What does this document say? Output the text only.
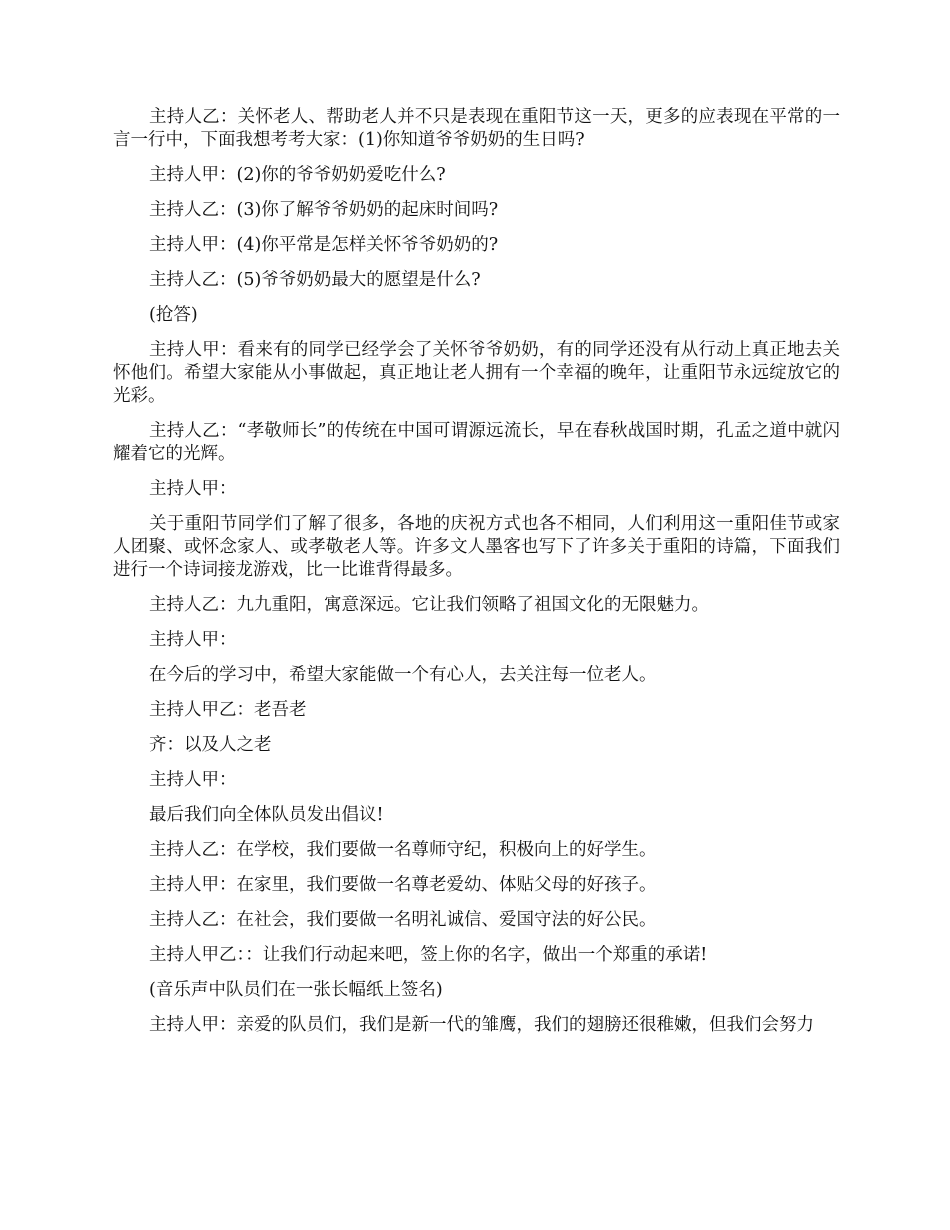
主持人乙：关怀老人、帮助老人并不只是表现在重阳节这一天，更多的应表现在平常的一言一行中，下面我想考考大家：(1)你知道爷爷奶奶的生日吗?

主持人甲：(2)你的爷爷奶奶爱吃什么?

主持人乙：(3)你了解爷爷奶奶的起床时间吗?

主持人甲：(4)你平常是怎样关怀爷爷奶奶的?

主持人乙：(5)爷爷奶奶最大的愿望是什么?

(抢答)

主持人甲：看来有的同学已经学会了关怀爷爷奶奶，有的同学还没有从行动上真正地去关怀他们。希望大家能从小事做起，真正地让老人拥有一个幸福的晚年，让重阳节永远绽放它的光彩。

主持人乙：“孝敬师长”的传统在中国可谓源远流长，早在春秋战国时期，孔孟之道中就闪耀着它的光辉。

主持人甲：

关于重阳节同学们了解了很多，各地的庆祝方式也各不相同，人们利用这一重阳佳节或家人团聚、或怀念家人、或孝敬老人等。许多文人墨客也写下了许多关于重阳的诗篇，下面我们进行一个诗词接龙游戏，比一比谁背得最多。

主持人乙：九九重阳，寓意深远。它让我们领略了祖国文化的无限魅力。

主持人甲：

在今后的学习中，希望大家能做一个有心人，去关注每一位老人。

主持人甲乙：老吾老

齐：以及人之老

主持人甲：

最后我们向全体队员发出倡议!

主持人乙：在学校，我们要做一名尊师守纪，积极向上的好学生。

主持人甲：在家里，我们要做一名尊老爱幼、体贴父母的好孩子。

主持人乙：在社会，我们要做一名明礼诚信、爱国守法的好公民。

主持人甲乙：：让我们行动起来吧，签上你的名字，做出一个郑重的承诺!

(音乐声中队员们在一张长幅纸上签名)

主持人甲：亲爱的队员们，我们是新一代的雏鹰，我们的翅膀还很稚嫩，但我们会努力
